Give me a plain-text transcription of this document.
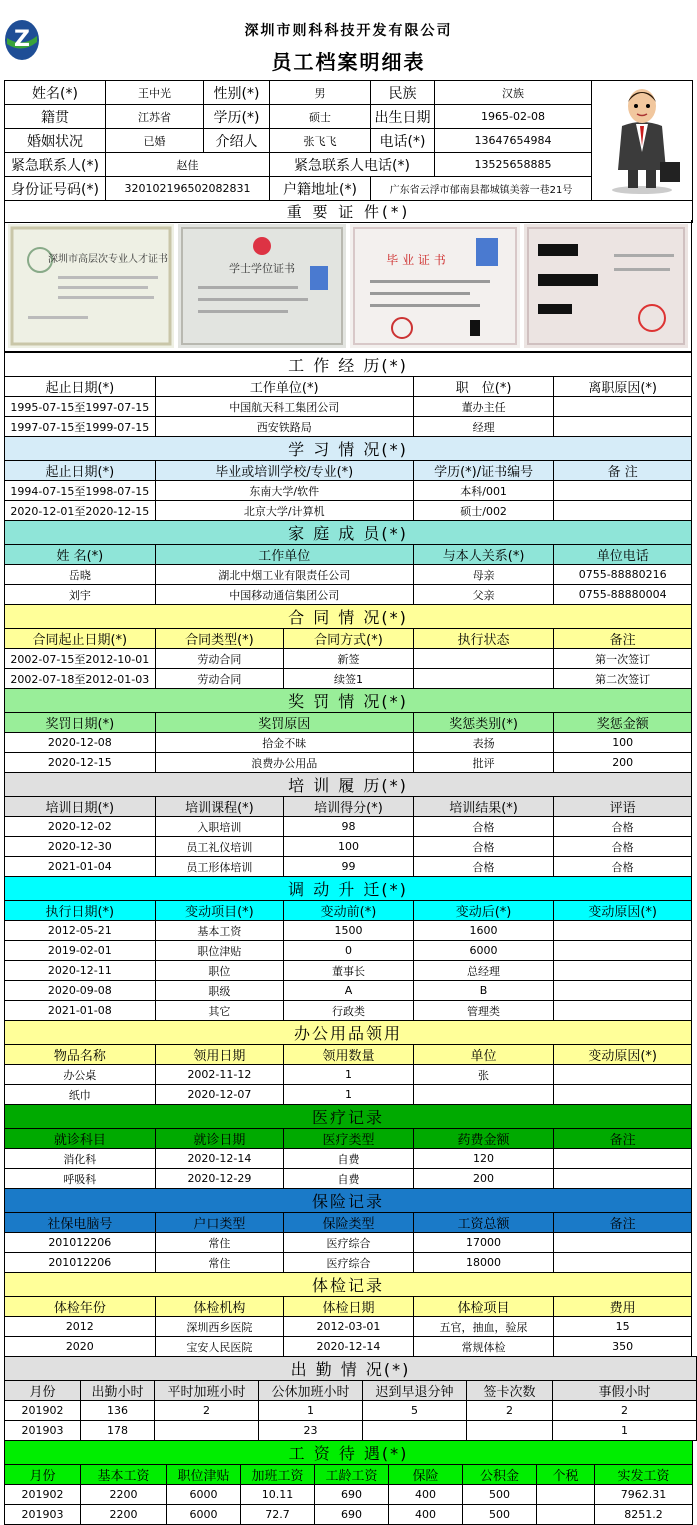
Z	深圳市则科科技开发有限公司
员工档案明细表
姓名(*)	王中光	性别(*)	男	民族	汉族	
籍贯	江苏省	学历(*)	硕士	出生日期	1965-02-08	
婚姻状况	已婚	介绍人	张飞飞	电话(*)	13647654984	
紧急联系人(*)	赵佳		紧急联系人电话(*)		13525658885	
身份证号码(*)	320102196502082831		户籍地址(*)	广东省云浮市郁南县都城镇美蓉一巷21号		
重 要 证 件(*)						
深圳市高层次专业人才证书
学士学位证书
毕 业 证 书
工 作 经 历(*)			
起止日期(*)	工作单位(*)	职　位(*)	离职原因(*)
1995-07-15至1997-07-15	中国航天科工集团公司	董办主任	
1997-07-15至1999-07-15	西安铁路局	经理	
学 习 情 况(*)			
起止日期(*)	毕业或培训学校/专业(*)	学历(*)/证书编号	备 注
1994-07-15至1998-07-15	东南大学/软件	本科/001	
2020-12-01至2020-12-15	北京大学/计算机	硕士/002	
家 庭 成 员(*)			
姓 名(*)	工作单位	与本人关系(*)	单位电话
岳晓	湖北中烟工业有限责任公司	母亲	0755-88880216
刘宇	中国移动通信集团公司	父亲	0755-88880004
合 同 情 况(*)				
合同起止日期(*)	合同类型(*)	合同方式(*)	执行状态	备注
2002-07-15至2012-10-01	劳动合同	新签		第一次签订
2002-07-18至2012-01-03	劳动合同	续签1		第二次签订
奖 罚 情 况(*)			
奖罚日期(*)	奖罚原因	奖惩类别(*)	奖惩金额
2020-12-08	拾金不昧	表扬	100
2020-12-15	浪费办公用品	批评	200
培 训 履 历(*)				
培训日期(*)	培训课程(*)	培训得分(*)	培训结果(*)	评语
2020-12-02	入职培训	98	合格	合格
2020-12-30	员工礼仪培训	100	合格	合格
2021-01-04	员工形体培训	99	合格	合格
调 动 升 迁(*)				
执行日期(*)	变动项目(*)	变动前(*)	变动后(*)	变动原因(*)
2012-05-21	基本工资	1500	1600	
2019-02-01	职位津贴	0	6000	
2020-12-11	职位	董事长	总经理	
2020-09-08	职级	A	B	
2021-01-08	其它	行政类	管理类	
办公用品领用				
物品名称	领用日期	领用数量	单位	变动原因(*)
办公桌	2002-11-12	1	张	
纸巾	2020-12-07	1		
医疗记录				
就诊科目	就诊日期	医疗类型	药费金额	备注
消化科	2020-12-14	自费	120	
呼吸科	2020-12-29	自费	200	
保险记录				
社保电脑号	户口类型	保险类型	工资总额	备注
201012206	常住	医疗综合	17000	
201012206	常住	医疗综合	18000	
体检记录				
体检年份	体检机构	体检日期	体检项目	费用
2012	深圳西乡医院	2012-03-01	五官，抽血，验尿	15
2020	宝安人民医院	2020-12-14	常规体检	350
出 勤 情 况(*)						
月份	出勤小时	平时加班小时	公休加班小时	迟到早退分钟	签卡次数	事假小时
201902	136	2	1	5	2	2
201903	178		23			1
工 资 待 遇(*)								
月份	基本工资	职位津贴	加班工资	工龄工资	保险	公积金	个税	实发工资
201902	2200	6000	10.11	690	400	500		7962.31
201903	2200	6000	72.7	690	400	500		8251.2
